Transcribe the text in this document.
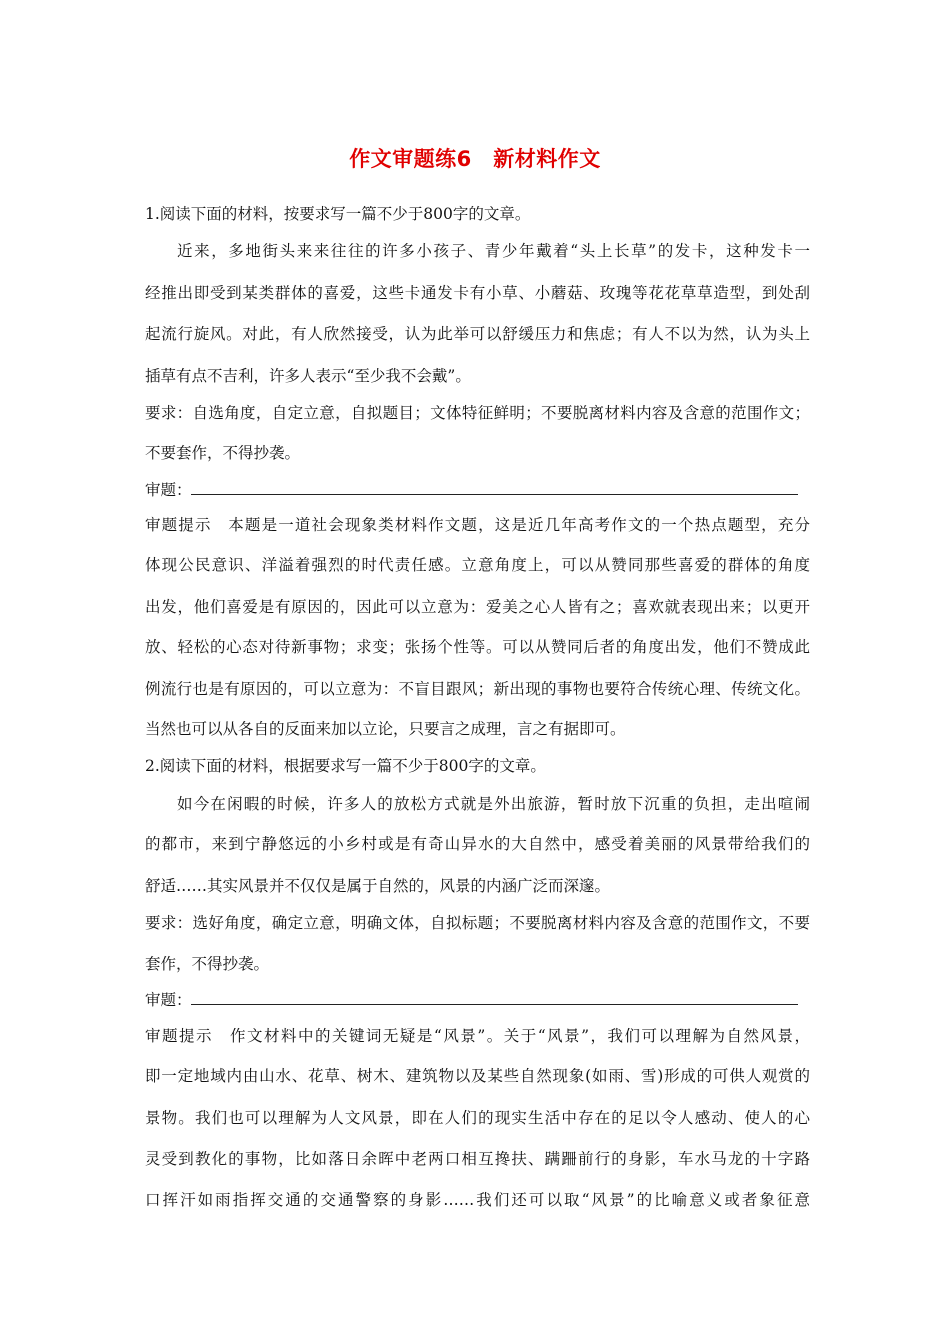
作文审题练6　新材料作文
1.阅读下面的材料，按要求写一篇不少于800字的文章。
近来，多地街头来来往往的许多小孩子、青少年戴着“头上长草”的发卡，这种发卡一
经推出即受到某类群体的喜爱，这些卡通发卡有小草、小蘑菇、玫瑰等花花草草造型，到处刮
起流行旋风。对此，有人欣然接受，认为此举可以舒缓压力和焦虑；有人不以为然，认为头上
插草有点不吉利，许多人表示“至少我不会戴”。
要求：自选角度，自定立意，自拟题目；文体特征鲜明；不要脱离材料内容及含意的范围作文；
不要套作，不得抄袭。
审题：
审题提示　本题是一道社会现象类材料作文题，这是近几年高考作文的一个热点题型，充分
体现公民意识、洋溢着强烈的时代责任感。立意角度上，可以从赞同那些喜爱的群体的角度
出发，他们喜爱是有原因的，因此可以立意为：爱美之心人皆有之；喜欢就表现出来；以更开
放、轻松的心态对待新事物；求变；张扬个性等。可以从赞同后者的角度出发，他们不赞成此
例流行也是有原因的，可以立意为：不盲目跟风；新出现的事物也要符合传统心理、传统文化。
当然也可以从各自的反面来加以立论，只要言之成理，言之有据即可。
2.阅读下面的材料，根据要求写一篇不少于800字的文章。
如今在闲暇的时候，许多人的放松方式就是外出旅游，暂时放下沉重的负担，走出喧闹
的都市，来到宁静悠远的小乡村或是有奇山异水的大自然中，感受着美丽的风景带给我们的
舒适……其实风景并不仅仅是属于自然的，风景的内涵广泛而深邃。
要求：选好角度，确定立意，明确文体，自拟标题；不要脱离材料内容及含意的范围作文，不要
套作，不得抄袭。
审题：
审题提示　作文材料中的关键词无疑是“风景”。关于“风景”，我们可以理解为自然风景，
即一定地域内由山水、花草、树木、建筑物以及某些自然现象(如雨、雪)形成的可供人观赏的
景物。我们也可以理解为人文风景，即在人们的现实生活中存在的足以令人感动、使人的心
灵受到教化的事物，比如落日余晖中老两口相互搀扶、蹒跚前行的身影，车水马龙的十字路
口挥汗如雨指挥交通的交通警察的身影……我们还可以取“风景”的比喻意义或者象征意
